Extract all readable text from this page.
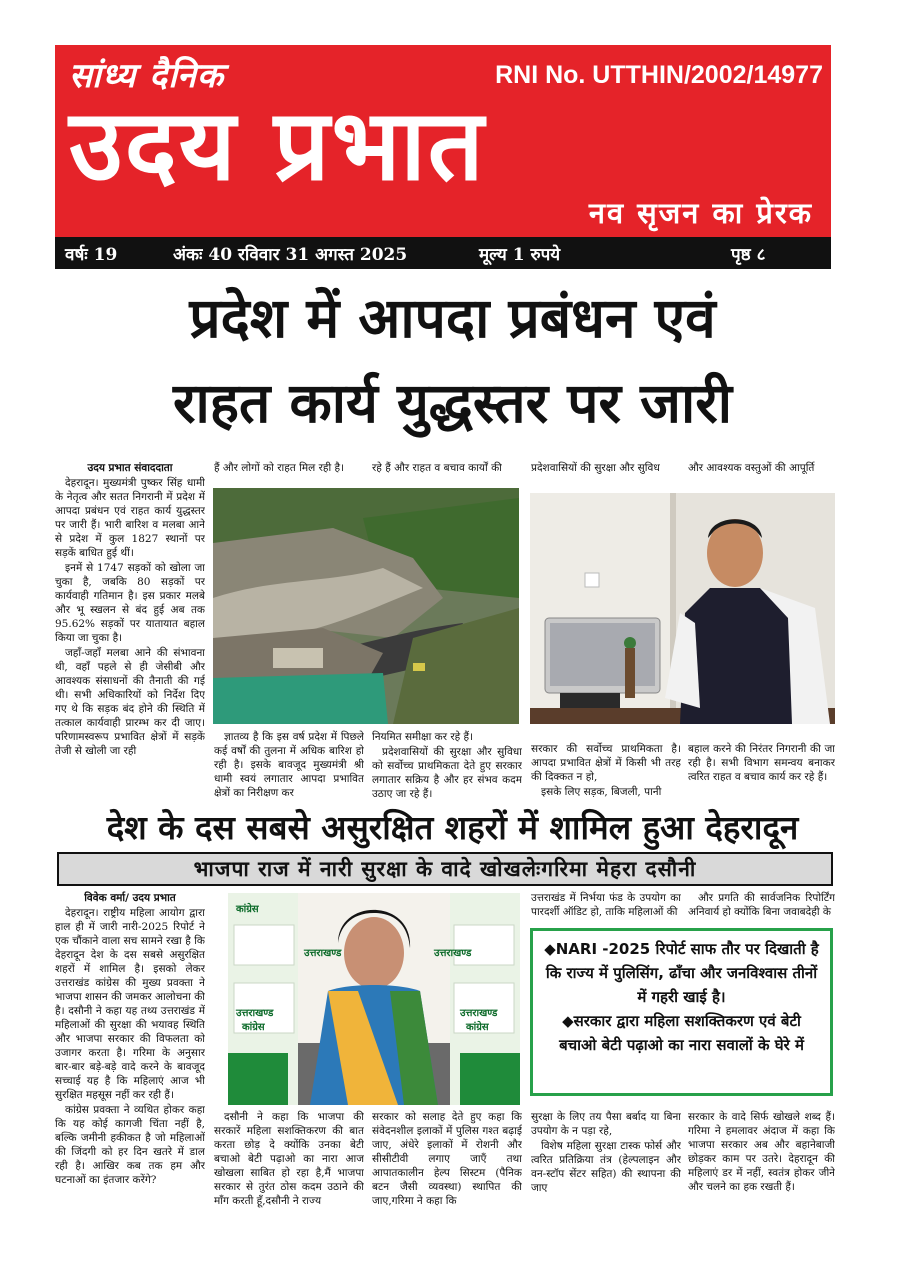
सांध्य दैनिक	RNI No. UTTHIN/2002/14977
उदय प्रभात
नव सृजन का प्रेरक
वर्षः 19	अंकः 40 रविवार 31 अगस्त 2025	मूल्य 1 रुपये	पृष्ठ ८
प्रदेश में आपदा प्रबंधन एवं
राहत कार्य युद्धस्तर पर जारी

उदय प्रभात संवाददाता

देहरादून। मुख्यमंत्री पुष्कर सिंह धामी के नेतृत्व और सतत निगरानी में प्रदेश में आपदा प्रबंधन एवं राहत कार्य युद्धस्तर पर जारी हैं। भारी बारिश व मलबा आने से प्रदेश में कुल 1827 स्थानों पर सड़कें बाधित हुई थीं।

इनमें से 1747 सड़कों को खोला जा चुका है, जबकि 80 सड़कों पर कार्यवाही गतिमान है। इस प्रकार मलबे और भू स्खलन से बंद हुई अब तक 95.62% सड़कों पर यातायात बहाल किया जा चुका है।

जहाँ-जहाँ मलबा आने की संभावना थी, वहाँ पहले से ही जेसीबी और आवश्यक संसाधनों की तैनाती की गई थी। सभी अधिकारियों को निर्देश दिए गए थे कि सड़क बंद होने की स्थिति में तत्काल कार्यवाही प्रारम्भ कर दी जाए। परिणामस्वरूप प्रभावित क्षेत्रों में सड़कें तेजी से खोली जा रही

हैं और लोगों को राहत मिल रही है।	रहे हैं और राहत व बचाव कार्यों की	प्रदेशवासियों की सुरक्षा और सुविध	और आवश्यक वस्तुओं की आपूर्ति

ज्ञातव्य है कि इस वर्ष प्रदेश में पिछले कई वर्षों की तुलना में अधिक बारिश हो रही है। इसके बावजूद मुख्यमंत्री श्री धामी स्वयं लगातार आपदा प्रभावित क्षेत्रों का निरीक्षण कर

नियमित समीक्षा कर रहे हैं।

प्रदेशवासियों की सुरक्षा और सुविधा को सर्वोच्च प्राथमिकता देते हुए सरकार लगातार सक्रिय है और हर संभव कदम उठाए जा रहे हैं।

सरकार की सर्वोच्च प्राथमिकता है। आपदा प्रभावित क्षेत्रों में किसी भी तरह की दिक्कत न हो,

इसके लिए सड़क, बिजली, पानी

बहाल करने की निरंतर निगरानी की जा रही है। सभी विभाग समन्वय बनाकर त्वरित राहत व बचाव कार्य कर रहे हैं।

देश के दस सबसे असुरक्षित शहरों में शामिल हुआ देहरादून
भाजपा राज में नारी सुरक्षा के वादे खोखलेःगरिमा मेहरा दसौनी

विवेक वर्मा/ उदय प्रभात

देहरादून। राष्ट्रीय महिला आयोग द्वारा हाल ही में जारी नारी-2025 रिपोर्ट ने एक चौंकाने वाला सच सामने रखा है कि देहरादून देश के दस सबसे असुरक्षित शहरों में शामिल है। इसको लेकर उत्तराखंड कांग्रेस की मुख्य प्रवक्ता ने भाजपा शासन की जमकर आलोचना की है। दसौनी ने कहा यह तथ्य उत्तराखंड में महिलाओं की सुरक्षा की भयावह स्थिति और भाजपा सरकार की विफलता को उजागर करता है। गरिमा के अनुसार बार-बार बड़े-बड़े वादे करने के बावजूद सच्चाई यह है कि महिलाएं आज भी सुरक्षित महसूस नहीं कर रही हैं।

कांग्रेस प्रवक्ता ने व्यथित होकर कहा कि यह कोई कागजी चिंता नहीं है, बल्कि जमीनी हकीकत है जो महिलाओं की जिंदगी को हर दिन खतरे में डाल रही है। आखिर कब तक हम और घटनाओं का इंतजार करेंगे?

कांग्रेस
उत्तराखण्ड	उत्तराखण्ड
उत्तराखण्ड
कांग्रेस
उत्तराखण्ड
कांग्रेस

उत्तराखंड में निर्भया फंड के उपयोग का पारदर्शी ऑडिट हो, ताकि महिलाओं की

और प्रगति की सार्वजनिक रिपोर्टिंग अनिवार्य हो क्योंकि बिना जवाबदेही के

◆NARI -2025 रिपोर्ट साफ तौर पर दिखाती है कि राज्य में पुलिसिंग, ढाँचा और जनविश्वास तीनों में गहरी खाई है।
◆सरकार द्वारा महिला सशक्तिकरण एवं बेटी बचाओ बेटी पढ़ाओ का नारा सवालों के घेरे में

दसौनी ने कहा कि भाजपा की सरकारें महिला सशक्तिकरण की बात करता छोड़ दे क्योंकि उनका बेटी बचाओ बेटी पढ़ाओ का नारा आज खोखला साबित हो रहा है,मैं भाजपा सरकार से तुरंत ठोस कदम उठाने की माँग करती हूँ,दसौनी ने राज्य

सरकार को सलाह देते हुए कहा कि संवेदनशील इलाकों में पुलिस गश्त बढ़ाई जाए, अंधेरे इलाकों में रोशनी और सीसीटीवी लगाए जाएँ तथा आपातकालीन हेल्प सिस्टम (पैनिक बटन जैसी व्यवस्था) स्थापित की जाए,गरिमा ने कहा कि

सुरक्षा के लिए तय पैसा बर्बाद या बिना उपयोग के न पड़ा रहे,

विशेष महिला सुरक्षा टास्क फोर्स और त्वरित प्रतिक्रिया तंत्र (हेल्पलाइन और वन-स्टॉप सेंटर सहित) की स्थापना की जाए

सरकार के वादे सिर्फ खोखले शब्द हैं। गरिमा ने हमलावर अंदाज में कहा कि भाजपा सरकार अब और बहानेबाजी छोड़कर काम पर उतरे। देहरादून की महिलाएं डर में नहीं, स्वतंत्र होकर जीने और चलने का हक रखती हैं।
